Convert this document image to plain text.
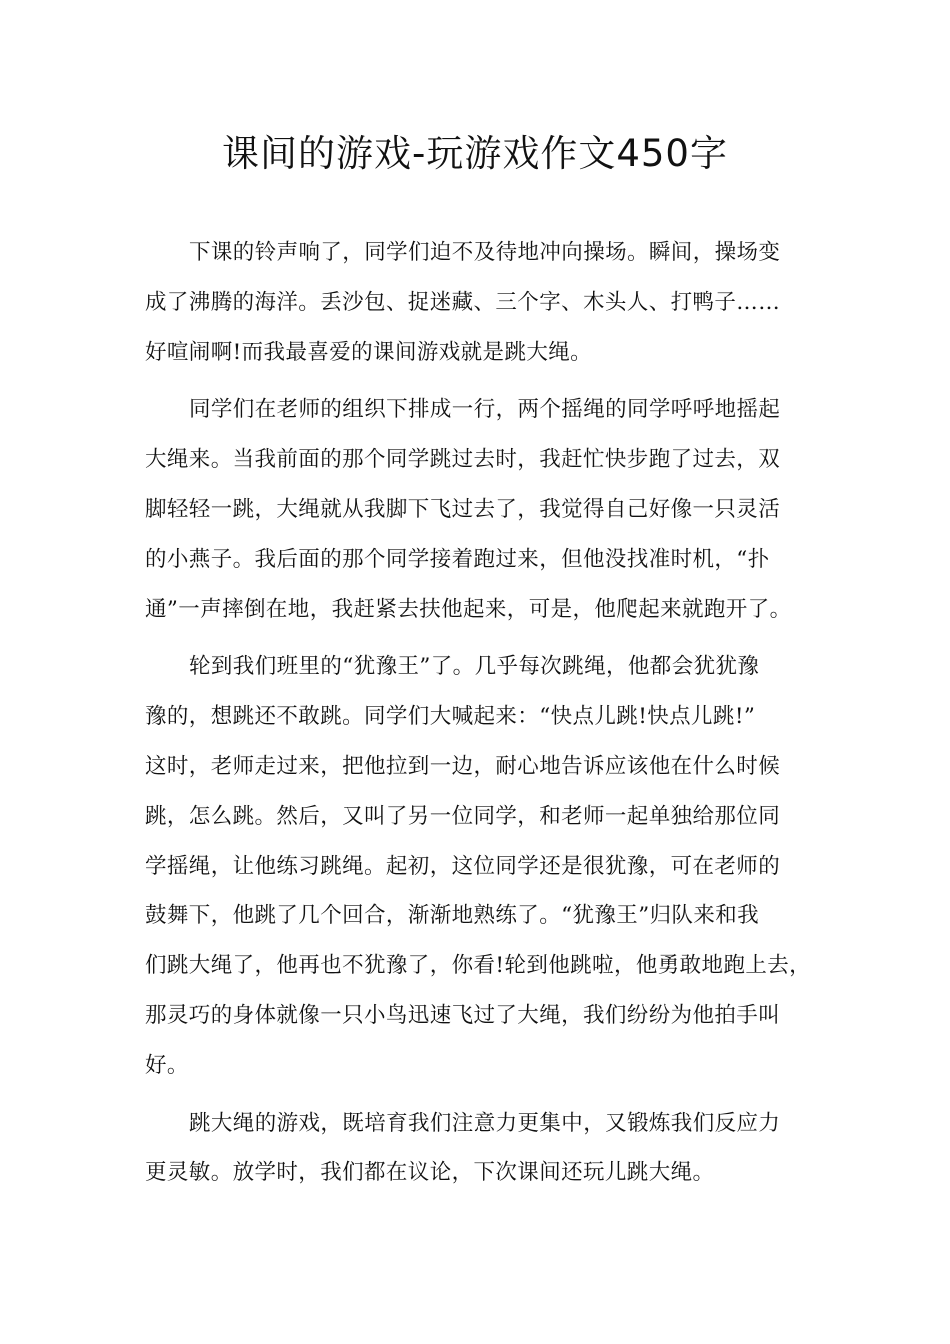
课间的游戏-玩游戏作文450字
下课的铃声响了，同学们迫不及待地冲向操场。瞬间，操场变
成了沸腾的海洋。丢沙包、捉迷藏、三个字、木头人、打鸭子……
好喧闹啊!而我最喜爱的课间游戏就是跳大绳。
同学们在老师的组织下排成一行，两个摇绳的同学呼呼地摇起
大绳来。当我前面的那个同学跳过去时，我赶忙快步跑了过去，双
脚轻轻一跳，大绳就从我脚下飞过去了，我觉得自己好像一只灵活
的小燕子。我后面的那个同学接着跑过来，但他没找准时机，“扑
通”一声摔倒在地，我赶紧去扶他起来，可是，他爬起来就跑开了。
轮到我们班里的“犹豫王”了。几乎每次跳绳，他都会犹犹豫
豫的，想跳还不敢跳。同学们大喊起来：“快点儿跳!快点儿跳!”
这时，老师走过来，把他拉到一边，耐心地告诉应该他在什么时候
跳，怎么跳。然后，又叫了另一位同学，和老师一起单独给那位同
学摇绳，让他练习跳绳。起初，这位同学还是很犹豫，可在老师的
鼓舞下，他跳了几个回合，渐渐地熟练了。“犹豫王”归队来和我
们跳大绳了，他再也不犹豫了，你看!轮到他跳啦，他勇敢地跑上去，
那灵巧的身体就像一只小鸟迅速飞过了大绳，我们纷纷为他拍手叫
好。
跳大绳的游戏，既培育我们注意力更集中，又锻炼我们反应力
更灵敏。放学时，我们都在议论，下次课间还玩儿跳大绳。
